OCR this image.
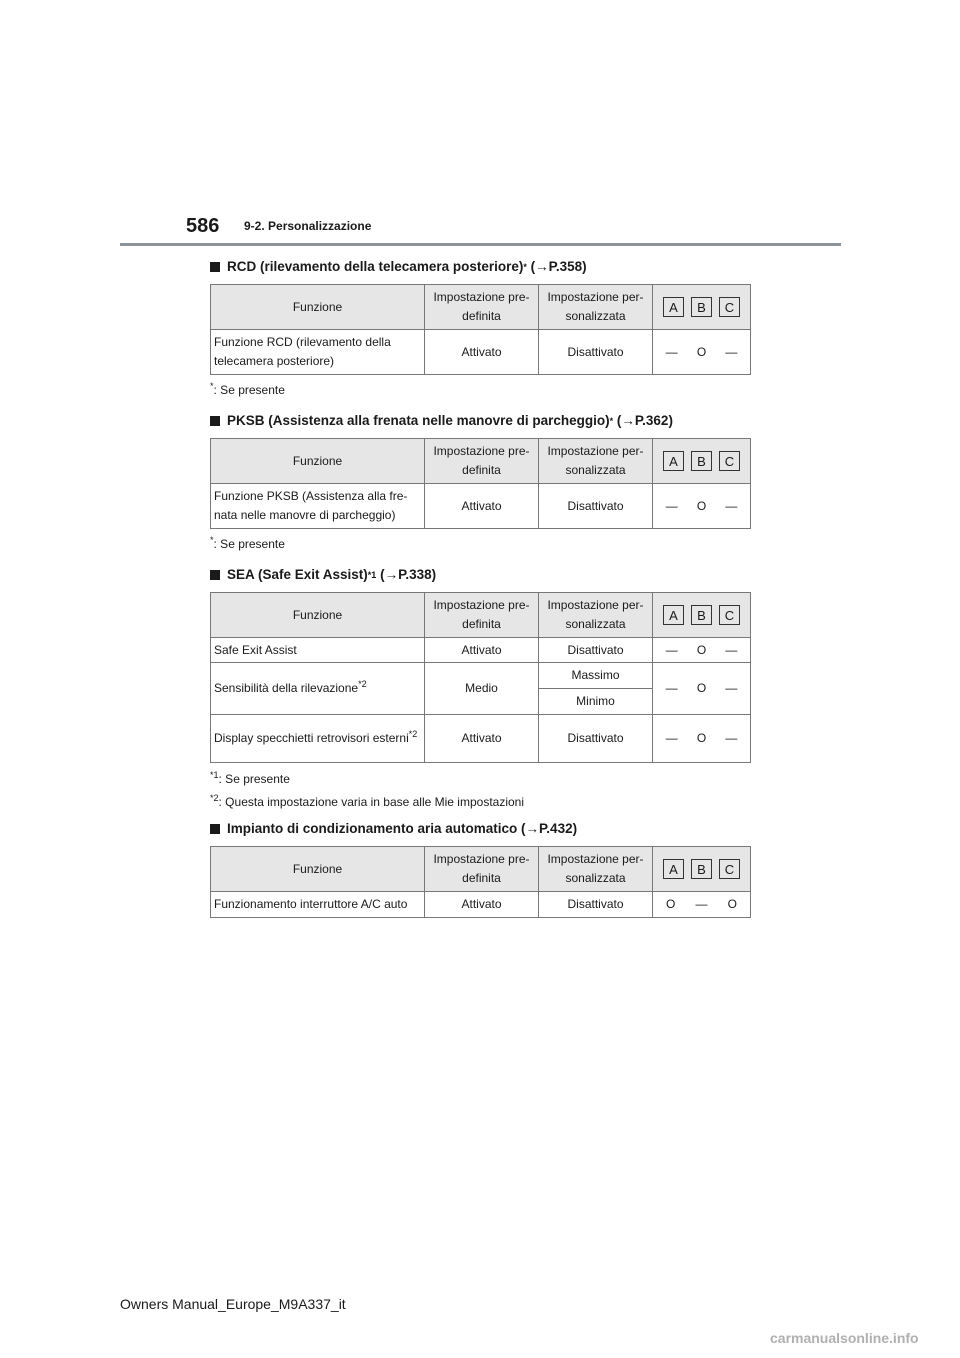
586 9-2. Personalizzazione
RCD (rilevamento della telecamera posteriore) *
(→P.358)
Funzione	Impostazione pre-definita	Impostazione per-sonalizzata	A B C

Funzione RCD (rilevamento della telecamera posteriore)	Attivato	Disattivato	— O —
*: Se presente
PKSB (Assistenza alla frenata nelle manovre di parcheggio) *
(→P.362)
Funzione	Impostazione pre-definita	Impostazione per-sonalizzata	A B C

Funzione PKSB (Assistenza alla fre-nata nelle manovre di parcheggio)	Attivato	Disattivato	— O —
*: Se presente
SEA (Safe Exit Assist) *1
(→P.338)
Funzione	Impostazione pre-definita	Impostazione per-sonalizzata	A B C

Safe Exit Assist	Attivato	Disattivato	— O —

Sensibilità della rilevazione$^{*2}$	Medio	Massimo	— O —

		Minimo	
Display specchietti retrovisori esterni$^{*2}$	Attivato	Disattivato	— O —
$^{*1}$: Se presente
$^{*2}$: Questa impostazione varia in base alle Mie impostazioni
Impianto di condizionamento aria automatico
(→P.432)
Funzione	Impostazione pre-definita	Impostazione per-sonalizzata	A B C

Funzionamento interruttore A/C auto	Attivato	Disattivato	O — O
Owners Manual_Europe_M9A337_it
carmanualsonline.info
